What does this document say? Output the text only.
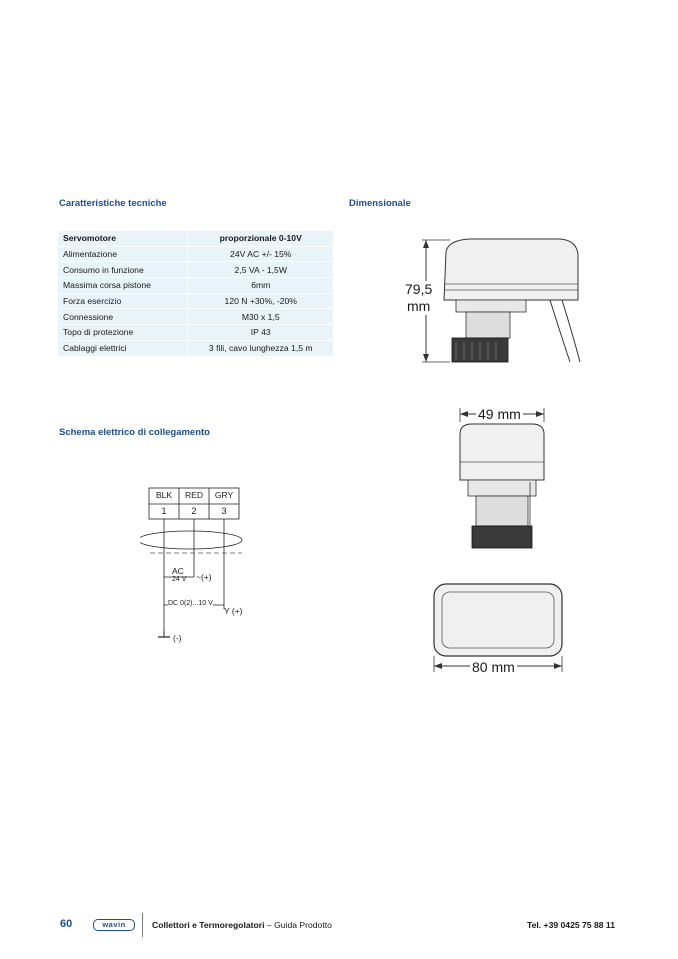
Caratteristiche tecniche	Dimensionale
Schema elettrico di collegamento
Servomotore	proporzionale 0-10V
Alimentazione	24V AC +/- 15%
Consumo in funzione	2,5 VA - 1,5W
Massima corsa pistone	6mm
Forza esercizio	120 N +30%, -20%
Connessione	M30 x 1,5
Topo di protezione	IP 43
Cablaggi elettrici	3 fili, cavo lunghezza 1,5 m
79,5
mm
49 mm
80 mm
BLK	RED	GRY
1	2	3
AC
24 V ~(+)
DC 0(2)...10 V
Y (+)
(-)
60	wavin	Collettori e Termoregolatori – Guida Prodotto	Tel. +39 0425 75 88 11
